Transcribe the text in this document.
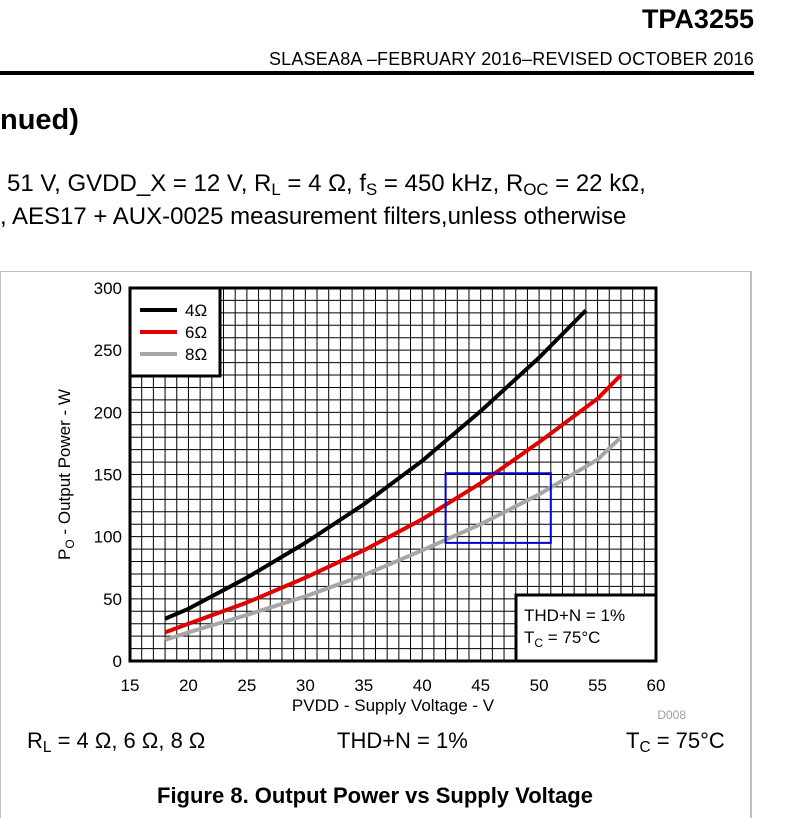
TPA3255
SLASEA8A –FEBRUARY 2016–REVISED OCTOBER 2016
nued)
51 V, GVDD_X = 12 V, $R_L = 4$ Ω, $f_S = 450$ kHz, $R_{OC} = 22$ kΩ,
, AES17 + AUX-0025 measurement filters,unless otherwise
15 20 25 30 35 40 45 50 55 60
0
50
100
150
200
250
300
PVDD - Supply Voltage - V
$P_O$ - Output Power - W
4Ω
6Ω
8Ω
THD+N = 1%
$T_C = 75^\circ C$
D008
$R_L = 4$ Ω, 6 Ω, 8 Ω	THD+N = 1%	$T_C = 75^\circ C$
Figure 8. Output Power vs Supply Voltage
